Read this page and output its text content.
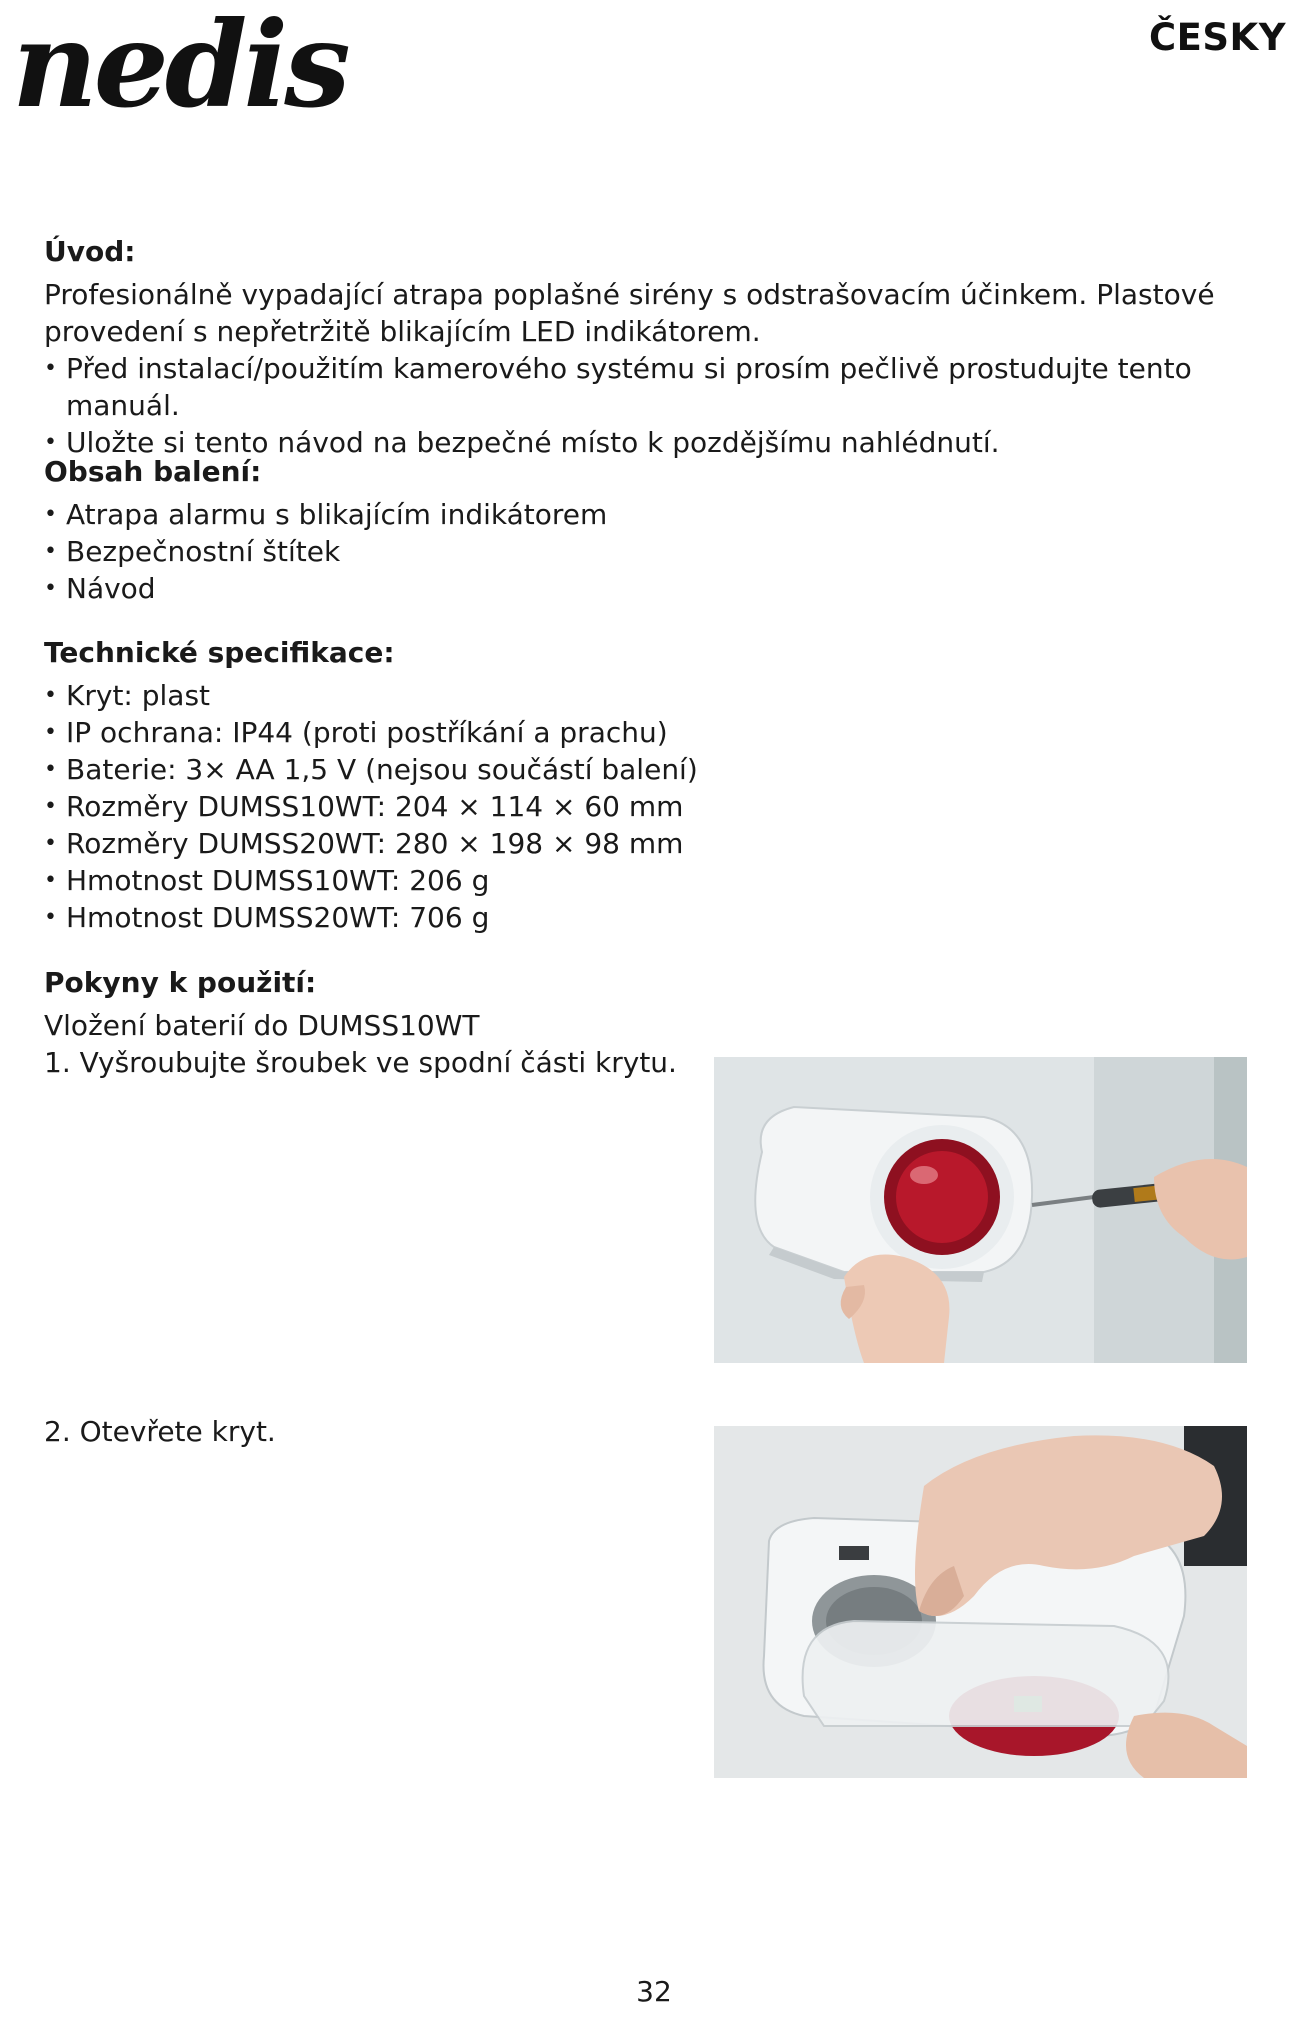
nedis	ČESKY
Úvod:

Profesionálně vypadající atrapa poplašné sirény s odstrašovacím účinkem. Plastové provedení s nepřetržitě blikajícím LED indikátorem.

• Před instalací/použitím kamerového systému si prosím pečlivě prostudujte tento manuál.
• Uložte si tento návod na bezpečné místo k pozdějšímu nahlédnutí.
Obsah balení:
• Atrapa alarmu s blikajícím indikátorem
• Bezpečnostní štítek
• Návod
Technické specifikace:
• Kryt: plast
• IP ochrana: IP44 (proti postříkání a prachu)
• Baterie: 3× AA 1,5 V (nejsou součástí balení)
• Rozměry DUMSS10WT: 204 × 114 × 60 mm
• Rozměry DUMSS20WT: 280 × 198 × 98 mm
• Hmotnost DUMSS10WT: 206 g
• Hmotnost DUMSS20WT: 706 g
Pokyny k použití:

Vložení baterií do DUMSS10WT

1. Vyšroubujte šroubek ve spodní části krytu.

2. Otevřete kryt.

32
